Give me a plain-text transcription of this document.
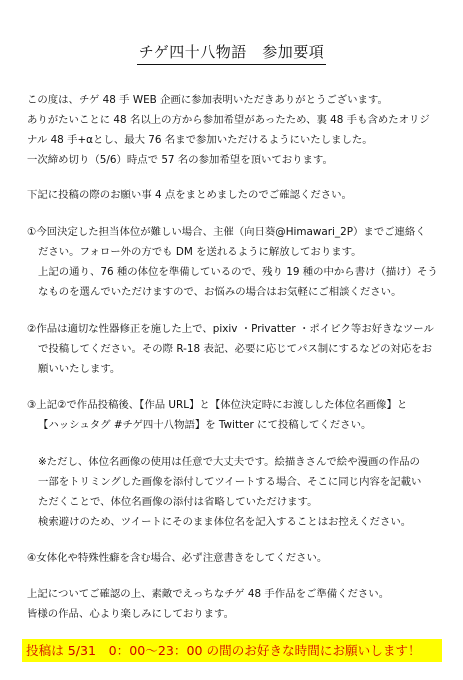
チゲ四十八物語　参加要項
この度は、チゲ 48 手 WEB 企画に参加表明いただきありがとうございます。
ありがたいことに 48 名以上の方から参加希望があったため、裏 48 手も含めたオリジ
ナル 48 手+αとし、最大 76 名まで参加いただけるようにいたしました。
一次締め切り（5/6）時点で 57 名の参加希望を頂いております。
下記に投稿の際のお願い事 4 点をまとめましたのでご確認ください。
①今回決定した担当体位が難しい場合、主催（向日葵@Himawari_2P）までご連絡く
ださい。フォロー外の方でも DM を送れるように解放しております。
上記の通り、76 種の体位を準備しているので、残り 19 種の中から書け（描け）そう
なものを選んでいただけますので、お悩みの場合はお気軽にご相談ください。
②作品は適切な性器修正を施した上で、pixiv ・Privatter ・ポイピク等お好きなツール
で投稿してください。その際 R-18 表記、必要に応じてパス制にするなどの対応をお
願いいたします。
③上記②で作品投稿後、【作品 URL】と【体位決定時にお渡しした体位名画像】と
【ハッシュタグ #チゲ四十八物語】を Twitter にて投稿してください。
※ただし、体位名画像の使用は任意で大丈夫です。絵描きさんで絵や漫画の作品の
一部をトリミングした画像を添付してツイートする場合、そこに同じ内容を記載い
ただくことで、体位名画像の添付は省略していただけます。
検索避けのため、ツイートにそのまま体位名を記入することはお控えください。
④女体化や特殊性癖を含む場合、必ず注意書きをしてください。
上記についてご確認の上、素敵でえっちなチゲ 48 手作品をご準備ください。
皆様の作品、心より楽しみにしております。
投稿は 5/31　0：00～23：00 の間のお好きな時間にお願いします！
